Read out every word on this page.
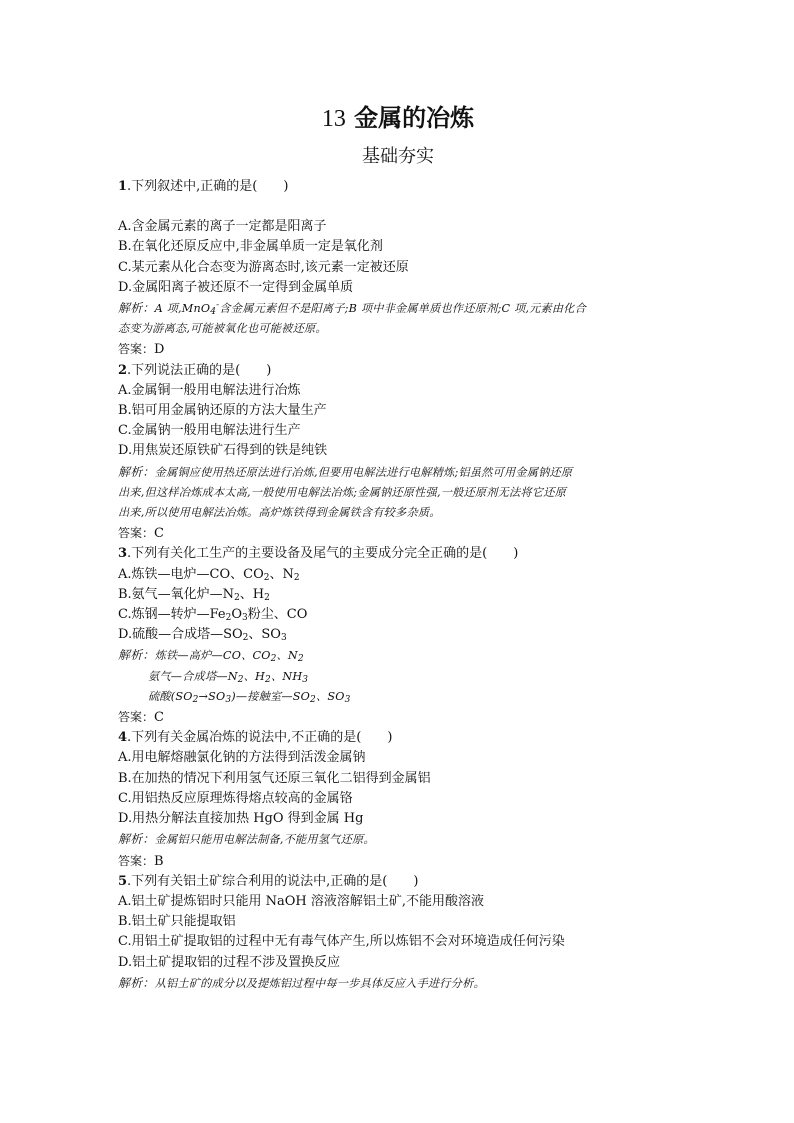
13 金属的冶炼
基础夯实
1.下列叙述中,正确的是(　　)
A.含金属元素的离子一定都是阳离子
B.在氧化还原反应中,非金属单质一定是氧化剂
C.某元素从化合态变为游离态时,该元素一定被还原
D.金属阳离子被还原不一定得到金属单质
解析：A 项,MnO$_4$-含金属元素但不是阳离子;B 项中非金属单质也作还原剂;C 项,元素由化合
态变为游离态,可能被氧化也可能被还原。
答案：D
2.下列说法正确的是(　　)
A.金属铜一般用电解法进行冶炼
B.铝可用金属钠还原的方法大量生产
C.金属钠一般用电解法进行生产
D.用焦炭还原铁矿石得到的铁是纯铁
解析：金属铜应使用热还原法进行冶炼,但要用电解法进行电解精炼;铝虽然可用金属钠还原
出来,但这样冶炼成本太高,一般使用电解法冶炼;金属钠还原性强,一般还原剂无法将它还原
出来,所以使用电解法冶炼。高炉炼铁得到金属铁含有较多杂质。
答案：C
3.下列有关化工生产的主要设备及尾气的主要成分完全正确的是(　　)
A.炼铁—电炉—CO、$CO_2$、$N_2$
B.氨气—氧化炉$—N_2$、$H_2$
C.炼钢—转炉$—Fe_2O_3$粉尘、CO
D.硫酸—合成塔$—SO_2$、$SO_3$
解析：炼铁—高炉—CO、$CO_2$、$N_2$
氨气—合成塔$—N_2$、$H_2$、$NH_3$
硫酸$(SO_2\to SO_3)—$接触室$—SO_2$、$SO_3$
答案：C
4.下列有关金属冶炼的说法中,不正确的是(　　)
A.用电解熔融氯化钠的方法得到活泼金属钠
B.在加热的情况下利用氢气还原三氧化二铝得到金属铝
C.用铝热反应原理炼得熔点较高的金属铬
D.用热分解法直接加热 HgO 得到金属 Hg
解析：金属铝只能用电解法制备,不能用氢气还原。
答案：B
5.下列有关铝土矿综合利用的说法中,正确的是(　　)
A.铝土矿提炼铝时只能用 NaOH 溶液溶解铝土矿,不能用酸溶液
B.铝土矿只能提取铝
C.用铝土矿提取铝的过程中无有毒气体产生,所以炼铝不会对环境造成任何污染
D.铝土矿提取铝的过程不涉及置换反应
解析：从铝土矿的成分以及提炼铝过程中每一步具体反应入手进行分析。
